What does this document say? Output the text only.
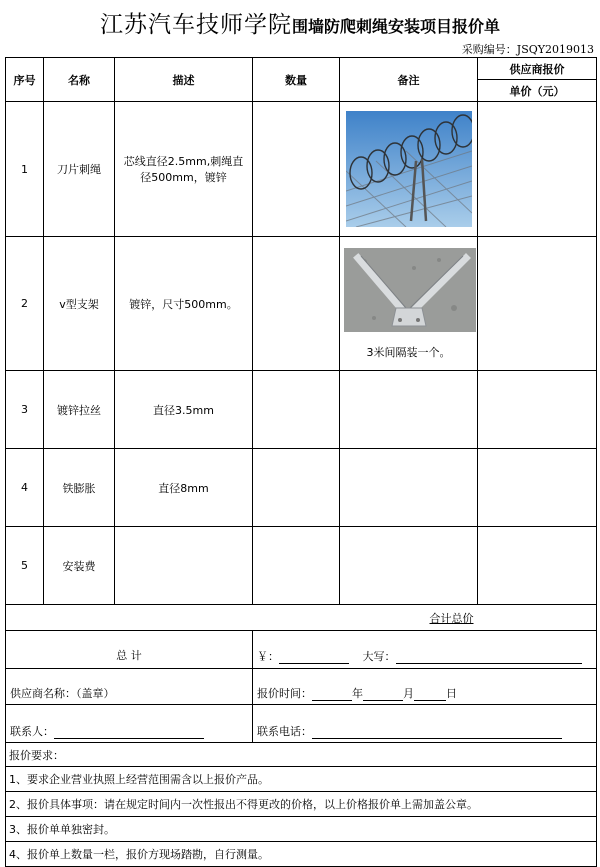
江苏汽车技师学院围墙防爬刺绳安装项目报价单
采购编号：JSQY2019013
序号	名称	描述	数量	备注	供应商报价
					单价（元）
1	刀片刺绳	芯线直径2.5mm,刺绳直径500mm，镀锌		

2	v型支架	镀锌，尺寸500mm。		3米间隔装一个。	

3	镀锌拉丝	直径3.5mm			
4	铁膨胀	直径8mm			
5	安装费				
合计总价					
总 计			￥： 大写：		
供应商名称：（盖章）			报价时间： 年 月 日		
联系人：			联系电话：		
报价要求：					
1、要求企业营业执照上经营范围需含以上报价产品。					
2、报价具体事项：请在规定时间内一次性报出不得更改的价格，以上价格报价单上需加盖公章。					
3、报价单单独密封。					
4、报价单上数量一栏，报价方现场踏勘，自行测量。					
